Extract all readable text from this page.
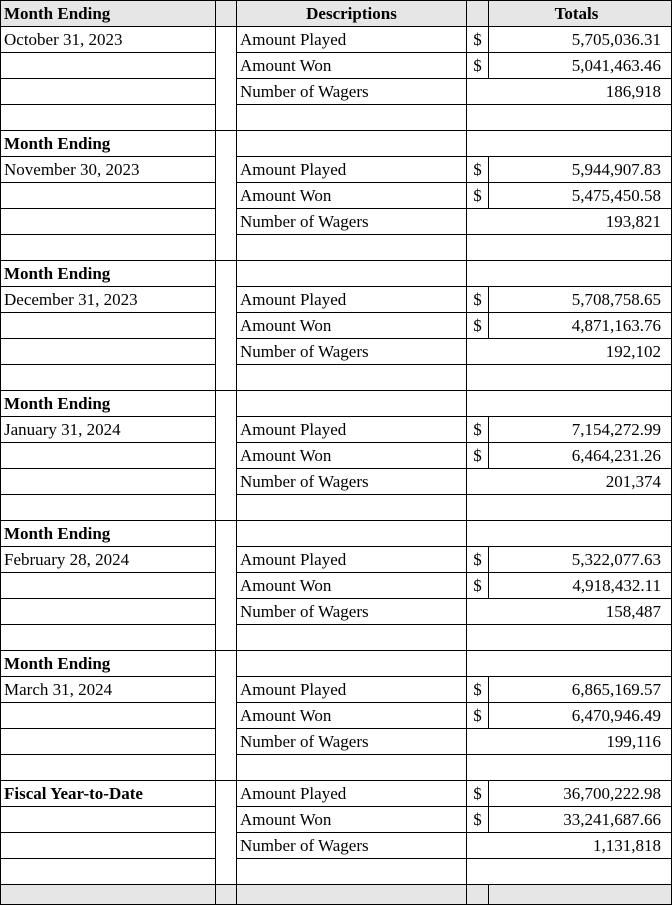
Month Ending		Descriptions		Totals
October 31, 2023		Amount Played	$	5,705,036.31
		Amount Won	$	5,041,463.46
		Number of Wagers		186,918

Month Ending				
November 30, 2023		Amount Played	$	5,944,907.83
		Amount Won	$	5,475,450.58
		Number of Wagers		193,821

Month Ending				
December 31, 2023		Amount Played	$	5,708,758.65
		Amount Won	$	4,871,163.76
		Number of Wagers		192,102

Month Ending				
January 31, 2024		Amount Played	$	7,154,272.99
		Amount Won	$	6,464,231.26
		Number of Wagers		201,374

Month Ending				
February 28, 2024		Amount Played	$	5,322,077.63
		Amount Won	$	4,918,432.11
		Number of Wagers		158,487

Month Ending				
March 31, 2024		Amount Played	$	6,865,169.57
		Amount Won	$	6,470,946.49
		Number of Wagers		199,116

Fiscal Year-to-Date		Amount Played	$	36,700,222.98
		Amount Won	$	33,241,687.66
		Number of Wagers		1,131,818
